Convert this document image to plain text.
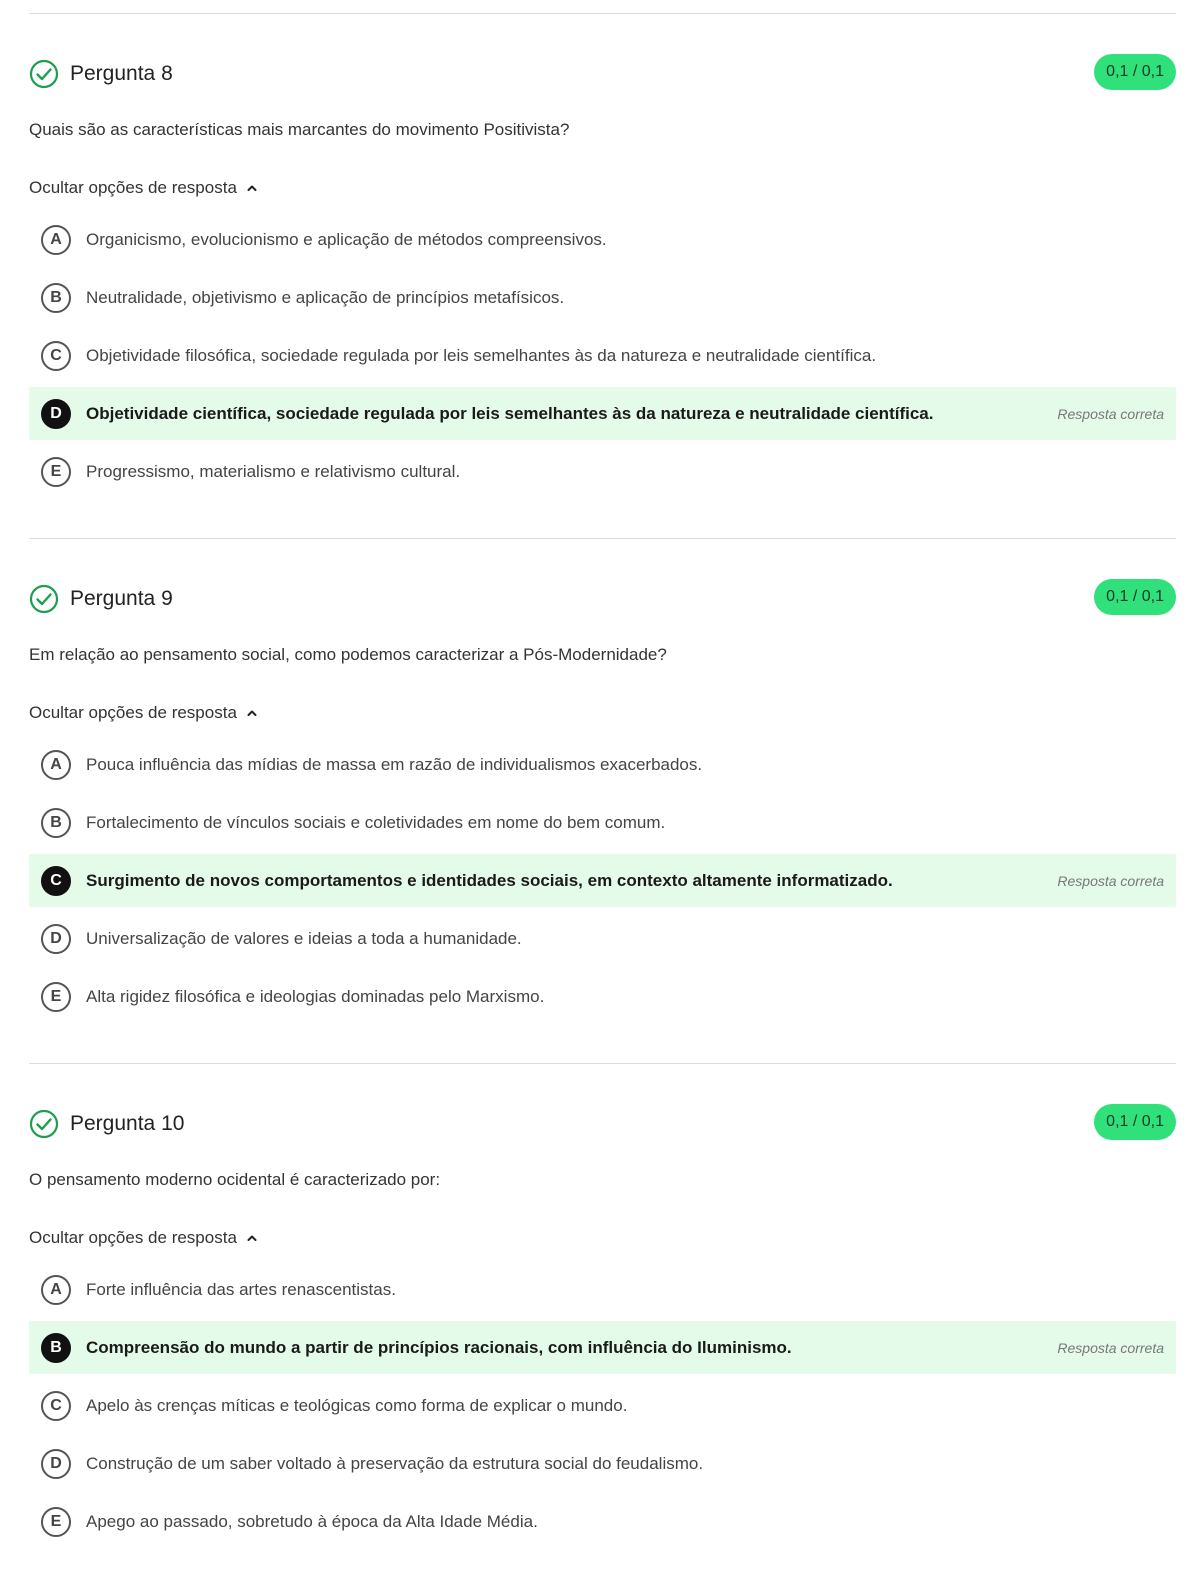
Pergunta 8	0,1 / 0,1
Quais são as características mais marcantes do movimento Positivista?
Ocultar opções de resposta
A	Organicismo, evolucionismo e aplicação de métodos compreensivos.
B	Neutralidade, objetivismo e aplicação de princípios metafísicos.
C	Objetividade filosófica, sociedade regulada por leis semelhantes às da natureza e neutralidade científica.
D	Objetividade científica, sociedade regulada por leis semelhantes às da natureza e neutralidade científica.	Resposta correta
E	Progressismo, materialismo e relativismo cultural.
Pergunta 9	0,1 / 0,1
Em relação ao pensamento social, como podemos caracterizar a Pós-Modernidade?
Ocultar opções de resposta
A	Pouca influência das mídias de massa em razão de individualismos exacerbados.
B	Fortalecimento de vínculos sociais e coletividades em nome do bem comum.
C	Surgimento de novos comportamentos e identidades sociais, em contexto altamente informatizado.	Resposta correta
D	Universalização de valores e ideias a toda a humanidade.
E	Alta rigidez filosófica e ideologias dominadas pelo Marxismo.
Pergunta 10	0,1 / 0,1
O pensamento moderno ocidental é caracterizado por:
Ocultar opções de resposta
A	Forte influência das artes renascentistas.
B	Compreensão do mundo a partir de princípios racionais, com influência do Iluminismo.	Resposta correta
C	Apelo às crenças míticas e teológicas como forma de explicar o mundo.
D	Construção de um saber voltado à preservação da estrutura social do feudalismo.
E	Apego ao passado, sobretudo à época da Alta Idade Média.
